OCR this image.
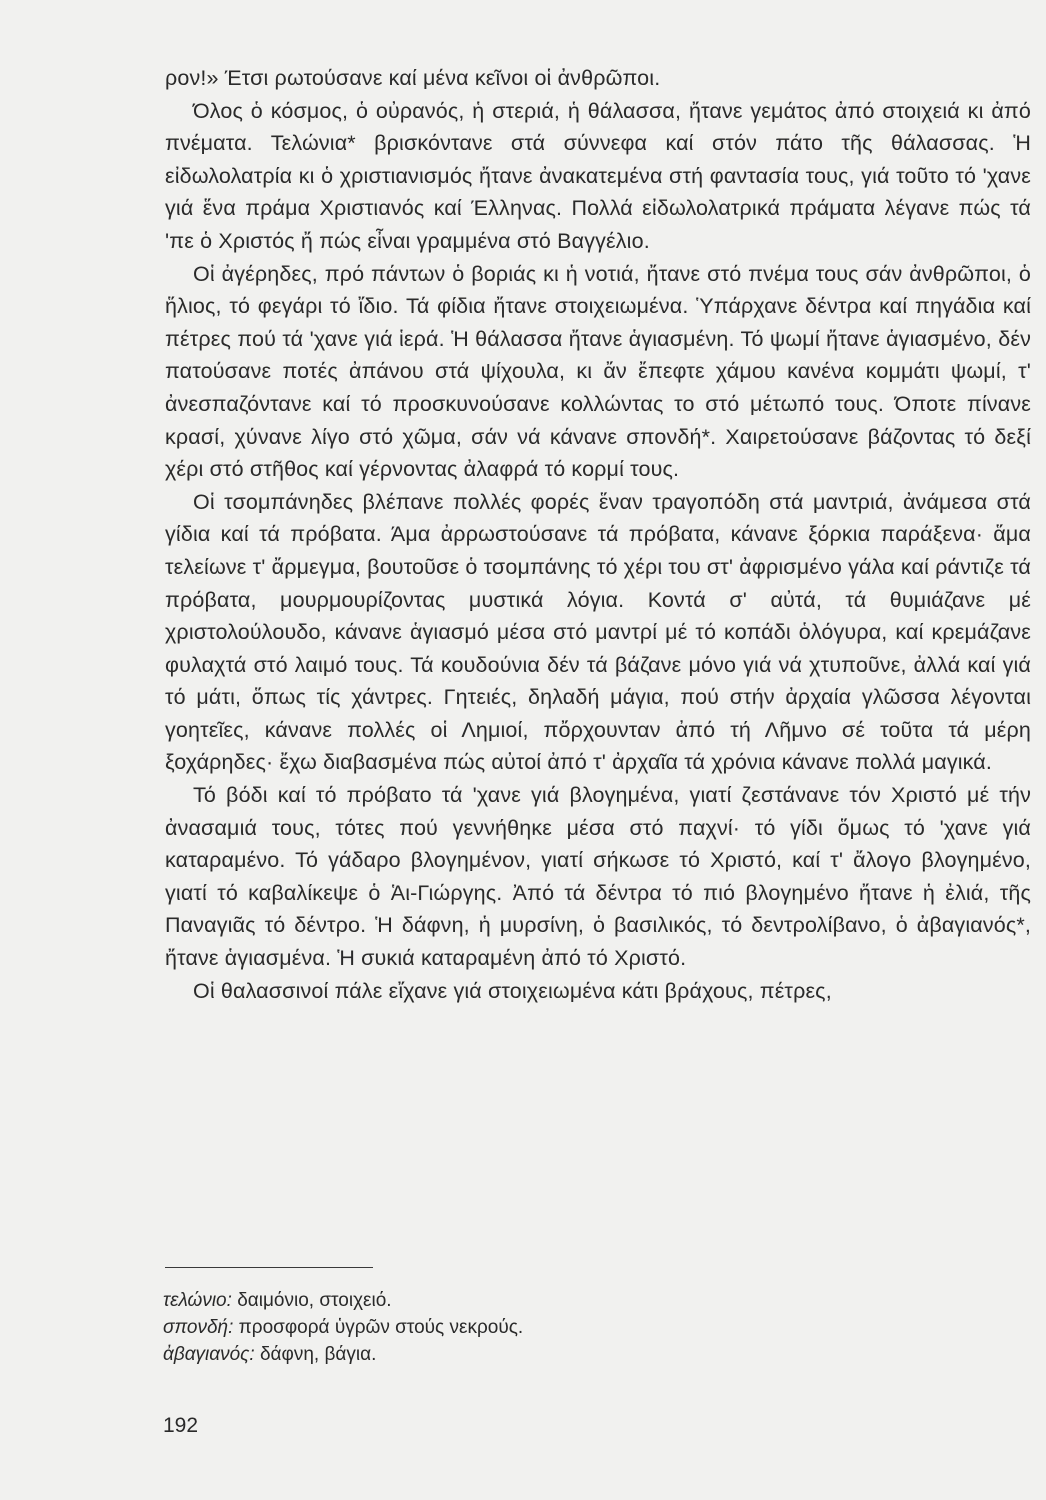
ρον!» Έτσι ρωτούσανε καί μένα κεῖνοι οἱ ἀνθρῶποι.

Όλος ὁ κόσμος, ὁ οὐρανός, ἡ στεριά, ἡ θάλασσα, ἤτανε γεμάτος ἀπό στοιχειά κι ἀπό πνέματα. Τελώνια* βρισκόντανε στά σύννεφα καί στόν πάτο τῆς θάλασσας. Ἡ εἰδωλολατρία κι ὁ χριστιανισμός ἤτανε ἀνακατεμένα στή φαντασία τους, γιά τοῦτο τό 'χανε γιά ἕνα πράμα Χριστιανός καί Έλληνας. Πολλά εἰδωλολατρικά πράματα λέγανε πώς τά 'πε ὁ Χριστός ἤ πώς εἶναι γραμμένα στό Βαγγέλιο.

Οἱ ἀγέρηδες, πρό πάντων ὁ βοριάς κι ἡ νοτιά, ἤτανε στό πνέμα τους σάν ἀνθρῶποι, ὁ ἥλιος, τό φεγάρι τό ἴδιο. Τά φίδια ἤτανε στοιχειωμένα. Ὑπάρχανε δέντρα καί πηγάδια καί πέτρες πού τά 'χανε γιά ἱερά. Ἡ θάλασσα ἤτανε ἁγιασμένη. Τό ψωμί ἤτανε ἁγιασμένο, δέν πατούσανε ποτές ἀπάνου στά ψίχουλα, κι ἄν ἔπεφτε χάμου κανένα κομμάτι ψωμί, τ' ἀνεσπαζόντανε καί τό προσκυνούσανε κολλώντας το στό μέτωπό τους. Όποτε πίνανε κρασί, χύνανε λίγο στό χῶμα, σάν νά κάνανε σπονδή*. Χαιρετούσανε βάζοντας τό δεξί χέρι στό στῆθος καί γέρνοντας ἀλαφρά τό κορμί τους.

Οἱ τσομπάνηδες βλέπανε πολλές φορές ἕναν τραγοπόδη στά μαντριά, ἀνάμεσα στά γίδια καί τά πρόβατα. Άμα ἀρρωστούσανε τά πρόβατα, κάνανε ξόρκια παράξενα· ἅμα τελείωνε τ' ἄρμεγμα, βουτοῦσε ὁ τσομπάνης τό χέρι του στ' ἀφρισμένο γάλα καί ράντιζε τά πρόβατα, μουρμουρίζοντας μυστικά λόγια. Κοντά σ' αὐτά, τά θυμιάζανε μέ χριστολούλουδο, κάνανε ἁγιασμό μέσα στό μαντρί μέ τό κοπάδι ὁλόγυρα, καί κρεμάζανε φυλαχτά στό λαιμό τους. Τά κουδούνια δέν τά βάζανε μόνο γιά νά χτυποῦνε, ἀλλά καί γιά τό μάτι, ὅπως τίς χάντρες. Γητειές, δηλαδή μάγια, πού στήν ἀρχαία γλῶσσα λέγονται γοητεῖες, κάνανε πολλές οἱ Λημιοί, πὄρχουνταν ἀπό τή Λῆμνο σέ τοῦτα τά μέρη ξοχάρηδες· ἔχω διαβασμένα πώς αὐτοί ἀπό τ' ἀρχαῖα τά χρόνια κάνανε πολλά μαγικά.

Τό βόδι καί τό πρόβατο τά 'χανε γιά βλογημένα, γιατί ζεστάνανε τόν Χριστό μέ τήν ἀνασαμιά τους, τότες πού γεννήθηκε μέσα στό παχνί· τό γίδι ὅμως τό 'χανε γιά καταραμένο. Τό γάδαρο βλογημένον, γιατί σήκωσε τό Χριστό, καί τ' ἄλογο βλογημένο, γιατί τό καβαλίκεψε ὁ Ἁι-Γιώργης. Ἀπό τά δέντρα τό πιό βλογημένο ἤτανε ἡ ἐλιά, τῆς Παναγιᾶς τό δέντρο. Ἡ δάφνη, ἡ μυρσίνη, ὁ βασιλικός, τό δεντρολίβανο, ὁ ἀβαγιανός*, ἤτανε ἁγιασμένα. Ἡ συκιά καταραμένη ἀπό τό Χριστό.

Οἱ θαλασσινοί πάλε εἴχανε γιά στοιχειωμένα κάτι βράχους, πέτρες,

τελώνιο: δαιμόνιο, στοιχειό.
σπονδή: προσφορά ὑγρῶν στούς νεκρούς.
ἀβαγιανός: δάφνη, βάγια.
192
